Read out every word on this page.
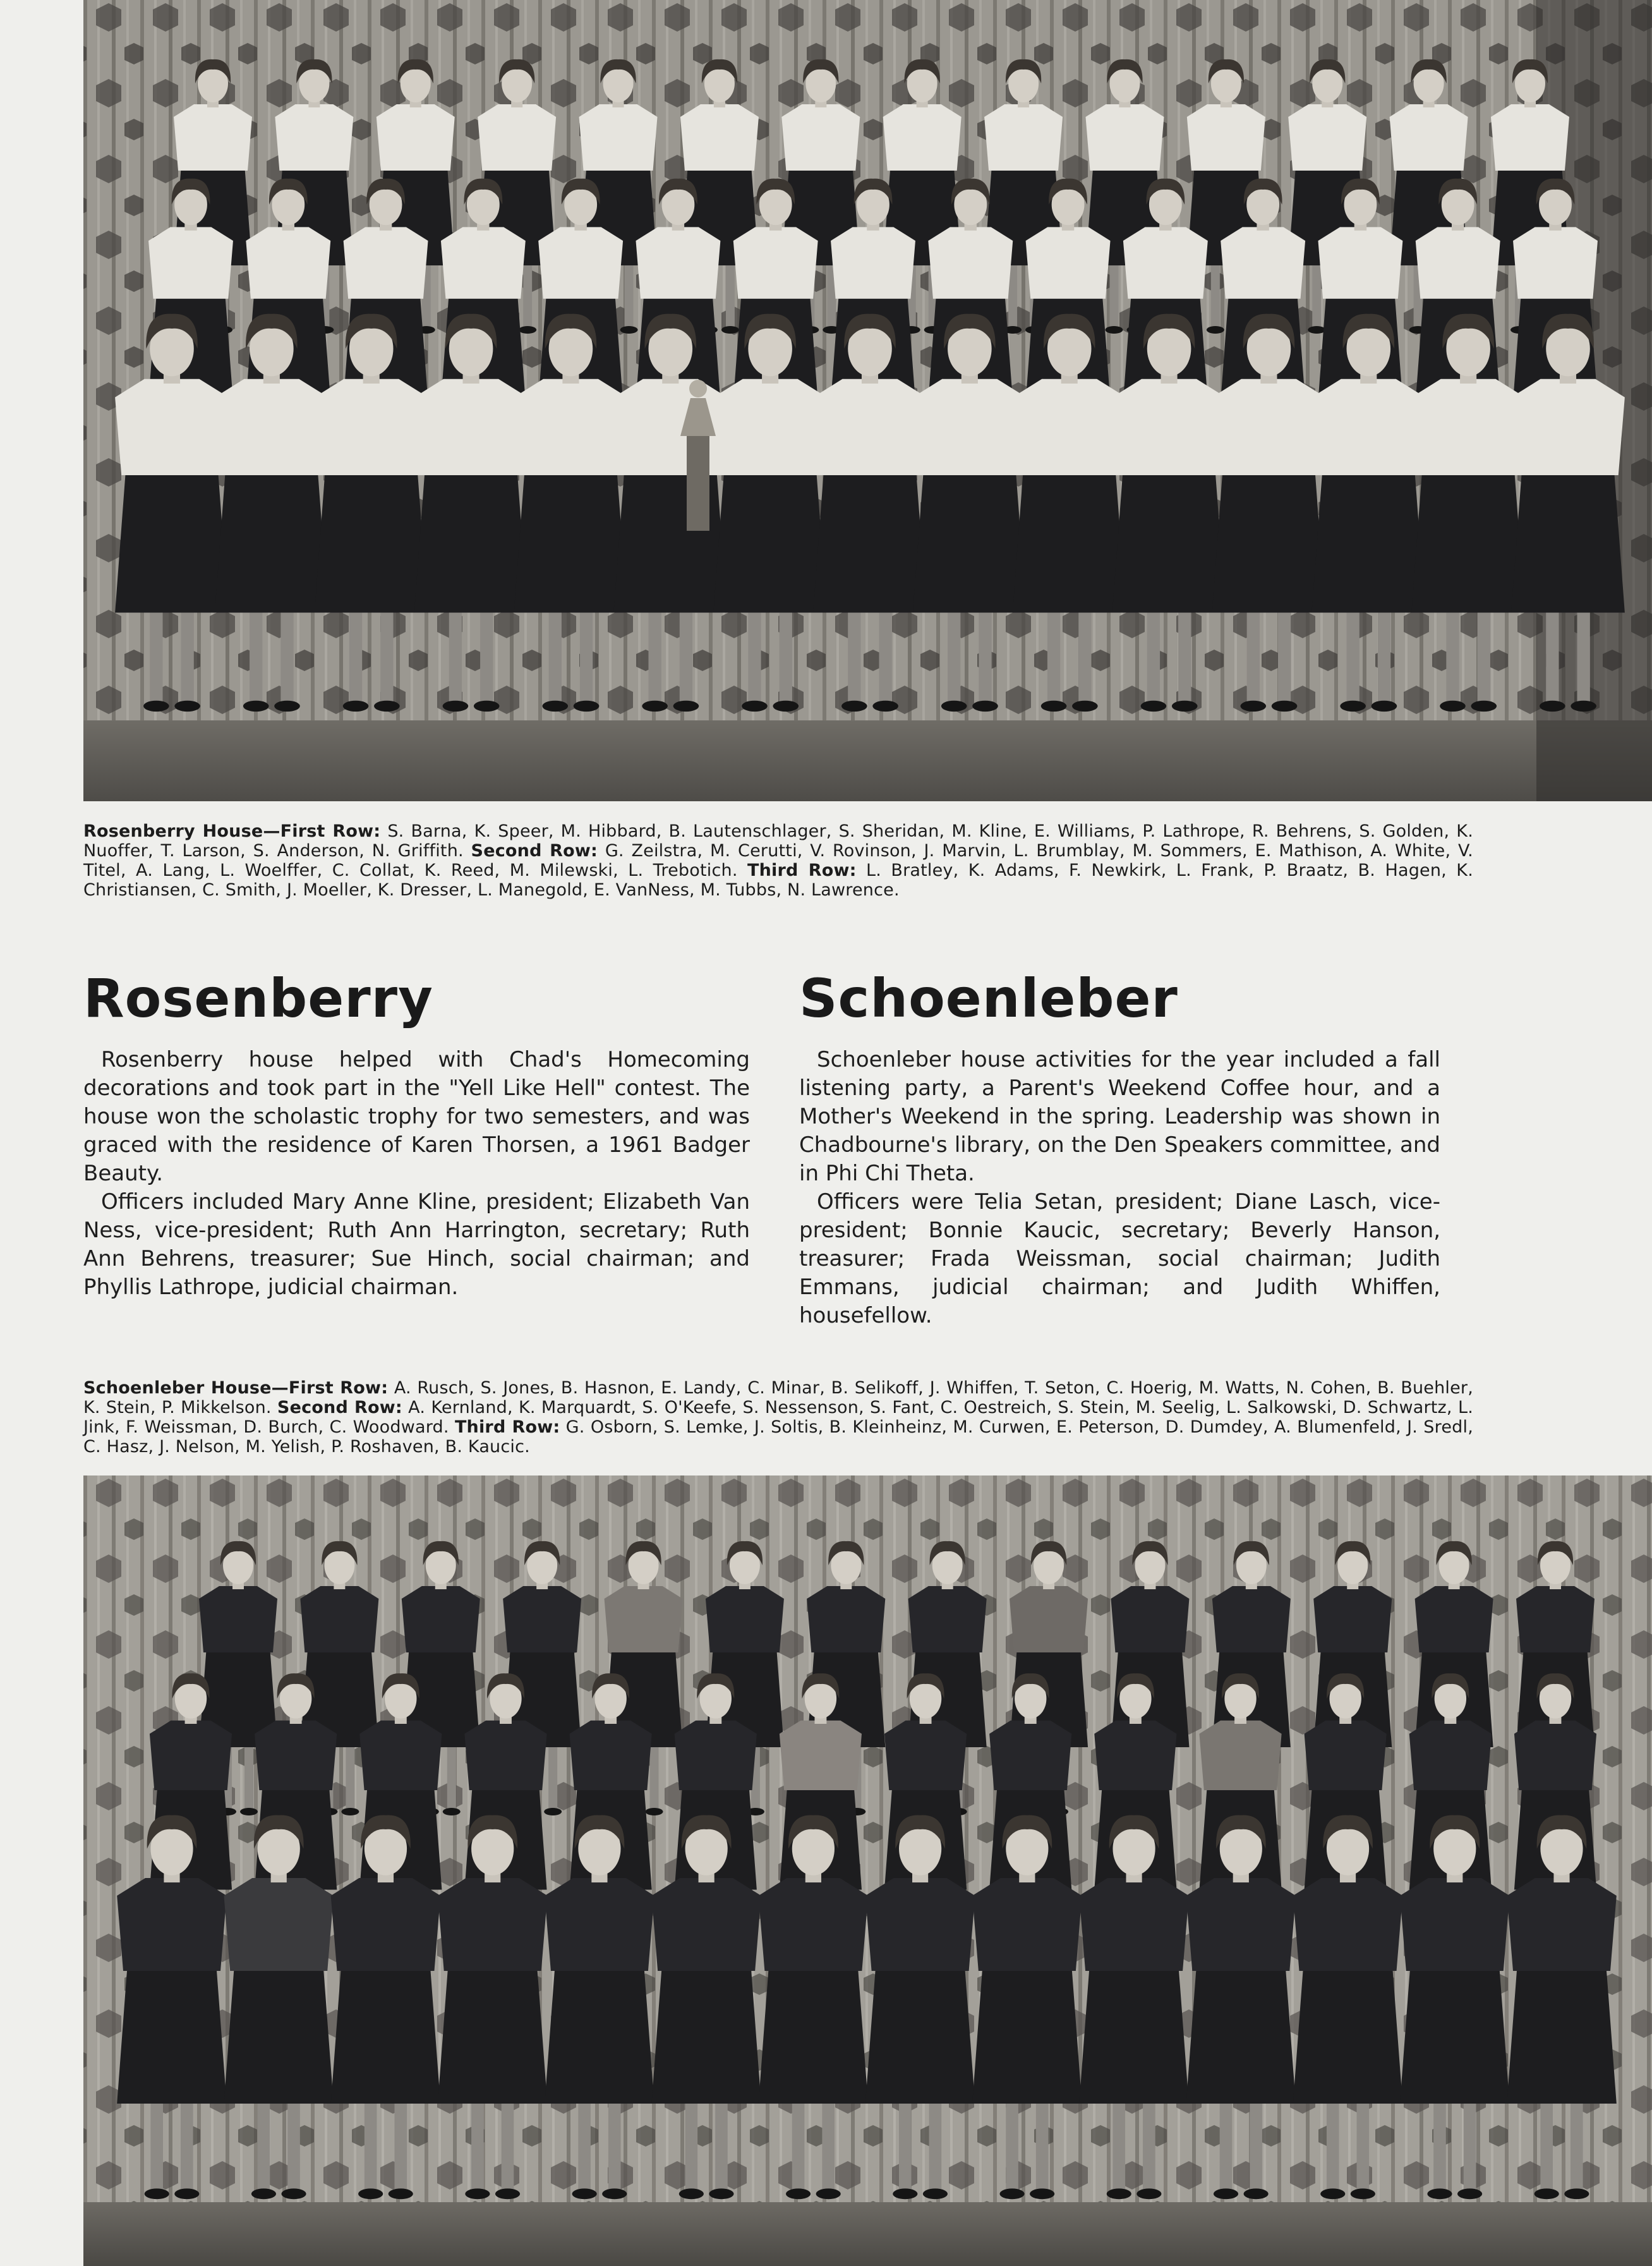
Rosenberry House—First Row: S. Barna, K. Speer, M. Hibbard, B. Lautenschlager, S. Sheridan, M. Kline, E. Williams, P. Lathrope, R. Behrens, S. Golden, K. Nuoffer, T. Larson, S. Anderson, N. Griffith. Second Row: G. Zeilstra, M. Cerutti, V. Rovinson, J. Marvin, L. Brumblay, M. Sommers, E. Mathison, A. White, V. Titel, A. Lang, L. Woelffer, C. Collat, K. Reed, M. Milewski, L. Trebotich. Third Row: L. Bratley, K. Adams, F. Newkirk, L. Frank, P. Braatz, B. Hagen, K. Christiansen, C. Smith, J. Moeller, K. Dresser, L. Manegold, E. VanNess, M. Tubbs, N. Lawrence.

Rosenberry	Schoenleber

Rosenberry house helped with Chad's Homecoming decorations and took part in the "Yell Like Hell" contest. The house won the scholastic trophy for two semesters, and was graced with the residence of Karen Thorsen, a 1961 Badger Beauty.

Officers included Mary Anne Kline, president; Elizabeth Van Ness, vice-president; Ruth Ann Harrington, secretary; Ruth Ann Behrens, treasurer; Sue Hinch, social chairman; and Phyllis Lathrope, judicial chairman.

Schoenleber house activities for the year included a fall listening party, a Parent's Weekend Coffee hour, and a Mother's Weekend in the spring. Leadership was shown in Chadbourne's library, on the Den Speakers committee, and in Phi Chi Theta.

Officers were Telia Setan, president; Diane Lasch, vice-president; Bonnie Kaucic, secretary; Beverly Hanson, treasurer; Frada Weissman, social chairman; Judith Emmans, judicial chairman; and Judith Whiffen, housefellow.

Schoenleber House—First Row: A. Rusch, S. Jones, B. Hasnon, E. Landy, C. Minar, B. Selikoff, J. Whiffen, T. Seton, C. Hoerig, M. Watts, N. Cohen, B. Buehler, K. Stein, P. Mikkelson. Second Row: A. Kernland, K. Marquardt, S. O'Keefe, S. Nessenson, S. Fant, C. Oestreich, S. Stein, M. Seelig, L. Salkowski, D. Schwartz, L. Jink, F. Weissman, D. Burch, C. Woodward. Third Row: G. Osborn, S. Lemke, J. Soltis, B. Kleinheinz, M. Curwen, E. Peterson, D. Dumdey, A. Blumenfeld, J. Sredl, C. Hasz, J. Nelson, M. Yelish, P. Roshaven, B. Kaucic.
